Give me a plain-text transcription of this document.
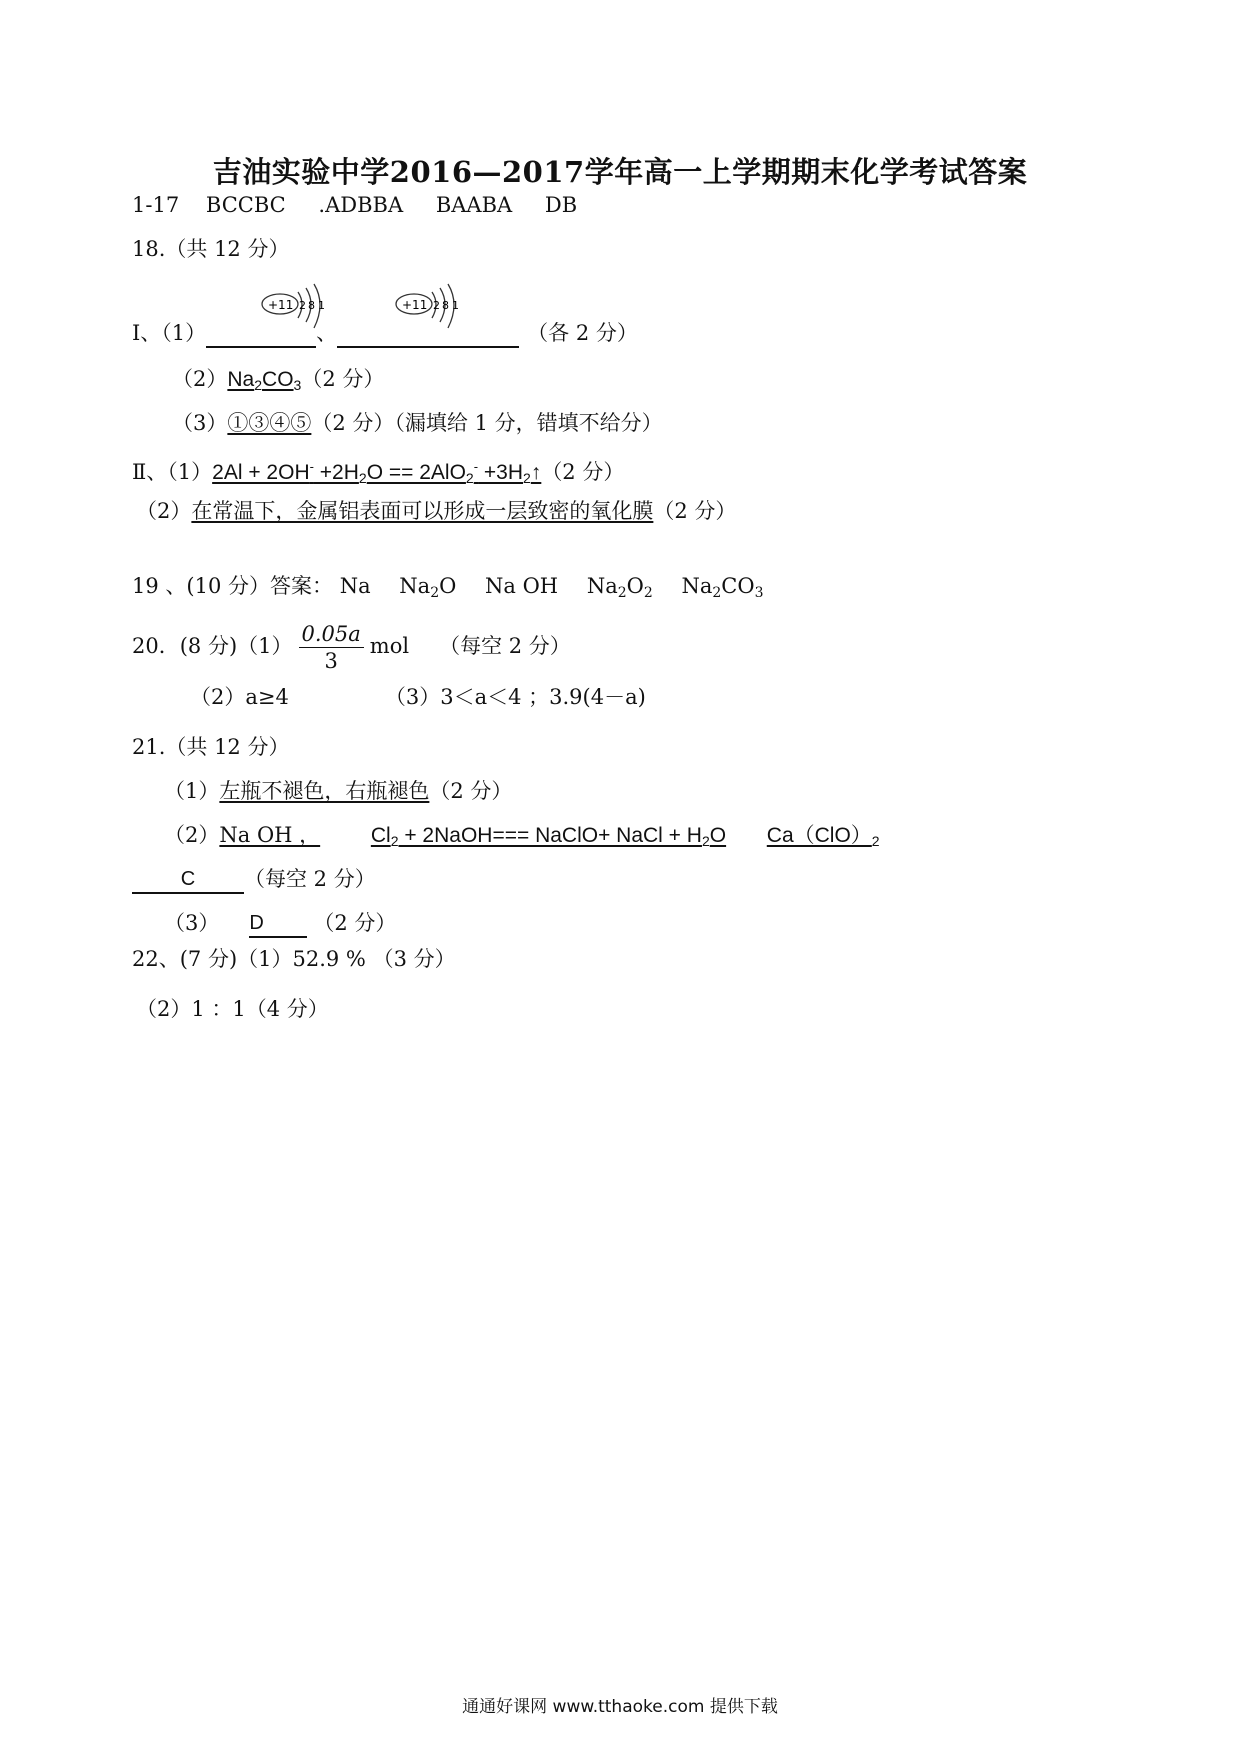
吉油实验中学2016—2017学年高一上学期期末化学考试答案
1-17 BCCBC .ADBBA BAABA DB
18.（共 12 分）
+11 2 8 1	+11 2 8 1
Ⅰ、（1）	、	（各 2 分）
$(2)Na_2CO_3(2$ 分）
（3）①③④⑤（2 分）（漏填给 1 分，错填不给分）
Ⅱ、$(1)2Al + 2OH^- +2H_2O == 2AlO_2^-$ $+3H_2↑(2$ 分）
（2）在常温下，金属铝表面可以形成一层致密的氧化膜（2 分）
19 、(10 分）答案： Na $Na_2O$ Na OH $Na_2O_2$ $Na_2CO_3$
20．(8 分)$(1) \frac{0.05a}{3}$ mol （每空 2 分）
（2）a≥4	（3）3＜a＜4 ；3.9(4－a)
21.（共 12 分）
（1）左瓶不褪色，右瓶褪色（2 分）
（2）Na OH ， $Cl_2$ + 2NaOH=== NaClO+ NaCl + $H_2O$ $Ca(ClO)_2$
C （每空 2 分）
（3） D （2 分）
22、(7 分)（1）52.9 % （3 分）
（2）1 ：1（4 分）
通通好课网 www.tthaoke.com 提供下载
